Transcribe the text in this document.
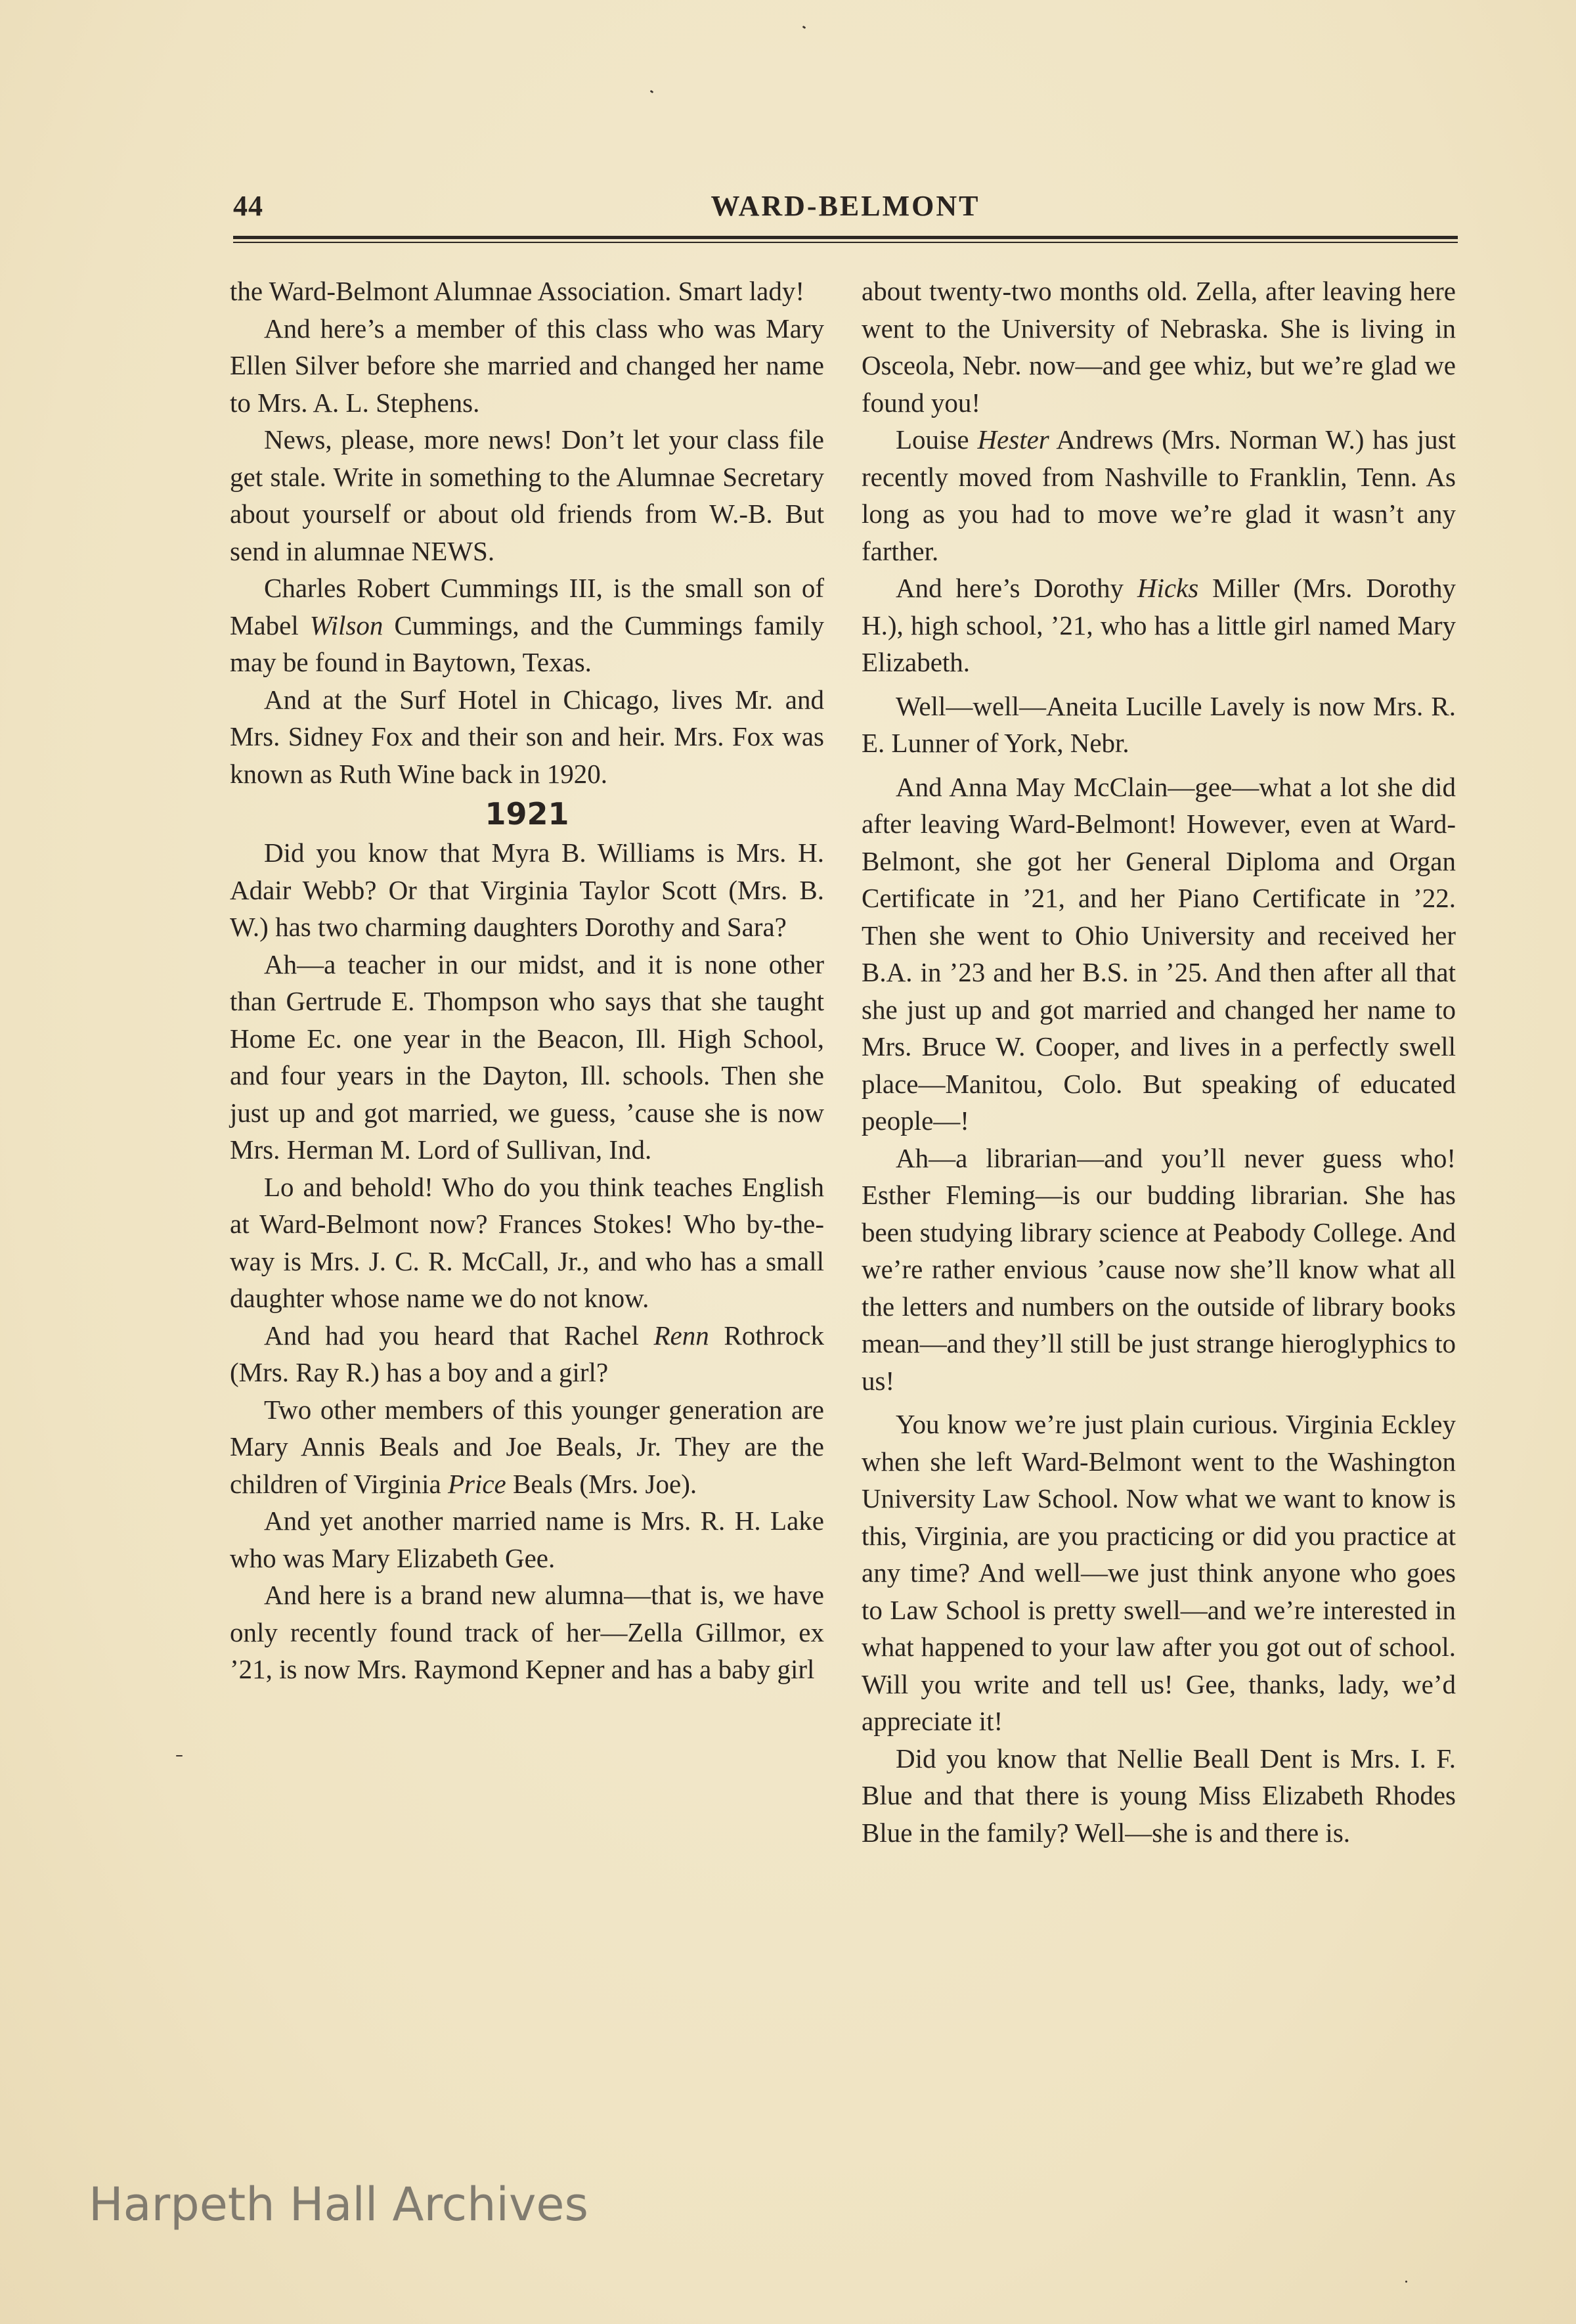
44	WARD-BELMONT

the Ward-Belmont Alumnae Association. Smart lady!

And here’s a member of this class who was Mary Ellen Silver before she married and changed her name to Mrs. A. L. Stephens.

News, please, more news! Don’t let your class file get stale. Write in something to the Alumnae Secretary about yourself or about old friends from W.-B. But send in alumnae NEWS.

Charles Robert Cummings III, is the small son of Mabel Wilson Cummings, and the Cummings family may be found in Baytown, Texas.

And at the Surf Hotel in Chicago, lives Mr. and Mrs. Sidney Fox and their son and heir. Mrs. Fox was known as Ruth Wine back in 1920.

1921

Did you know that Myra B. Williams is Mrs. H. Adair Webb? Or that Virginia Taylor Scott (Mrs. B. W.) has two charming daughters Dorothy and Sara?

Ah—a teacher in our midst, and it is none other than Gertrude E. Thompson who says that she taught Home Ec. one year in the Beacon, Ill. High School, and four years in the Dayton, Ill. schools. Then she just up and got married, we guess, ’cause she is now Mrs. Herman M. Lord of Sullivan, Ind.

Lo and behold! Who do you think teaches English at Ward-Belmont now? Frances Stokes! Who by-the-way is Mrs. J. C. R. McCall, Jr., and who has a small daughter whose name we do not know.

And had you heard that Rachel Renn Rothrock (Mrs. Ray R.) has a boy and a girl?

Two other members of this younger generation are Mary Annis Beals and Joe Beals, Jr. They are the children of Virginia Price Beals (Mrs. Joe).

And yet another married name is Mrs. R. H. Lake who was Mary Elizabeth Gee.

And here is a brand new alumna—that is, we have only recently found track of her—Zella Gillmor, ex ’21, is now Mrs. Raymond Kepner and has a baby girl

about twenty-two months old. Zella, after leaving here went to the University of Nebraska. She is living in Osceola, Nebr. now—and gee whiz, but we’re glad we found you!

Louise Hester Andrews (Mrs. Norman W.) has just recently moved from Nashville to Franklin, Tenn. As long as you had to move we’re glad it wasn’t any farther.

And here’s Dorothy Hicks Miller (Mrs. Dorothy H.), high school, ’21, who has a little girl named Mary Elizabeth.

Well—well—Aneita Lucille Lavely is now Mrs. R. E. Lunner of York, Nebr.

And Anna May McClain—gee—what a lot she did after leaving Ward-Belmont! However, even at Ward-Belmont, she got her General Diploma and Organ Certificate in ’21, and her Piano Certificate in ’22. Then she went to Ohio University and received her B.A. in ’23 and her B.S. in ’25. And then after all that she just up and got married and changed her name to Mrs. Bruce W. Cooper, and lives in a perfectly swell place—Manitou, Colo. But speaking of educated people—!

Ah—a librarian—and you’ll never guess who! Esther Fleming—is our budding librarian. She has been studying library science at Peabody College. And we’re rather envious ’cause now she’ll know what all the letters and numbers on the outside of library books mean—and they’ll still be just strange hieroglyphics to us!

You know we’re just plain curious. Virginia Eckley when she left Ward-Belmont went to the Washington University Law School. Now what we want to know is this, Virginia, are you practicing or did you practice at any time? And well—we just think anyone who goes to Law School is pretty swell—and we’re interested in what happened to your law after you got out of school. Will you write and tell us! Gee, thanks, lady, we’d appreciate it!

Did you know that Nellie Beall Dent is Mrs. I. F. Blue and that there is young Miss Elizabeth Rhodes Blue in the family? Well—she is and there is.

Harpeth Hall Archives
